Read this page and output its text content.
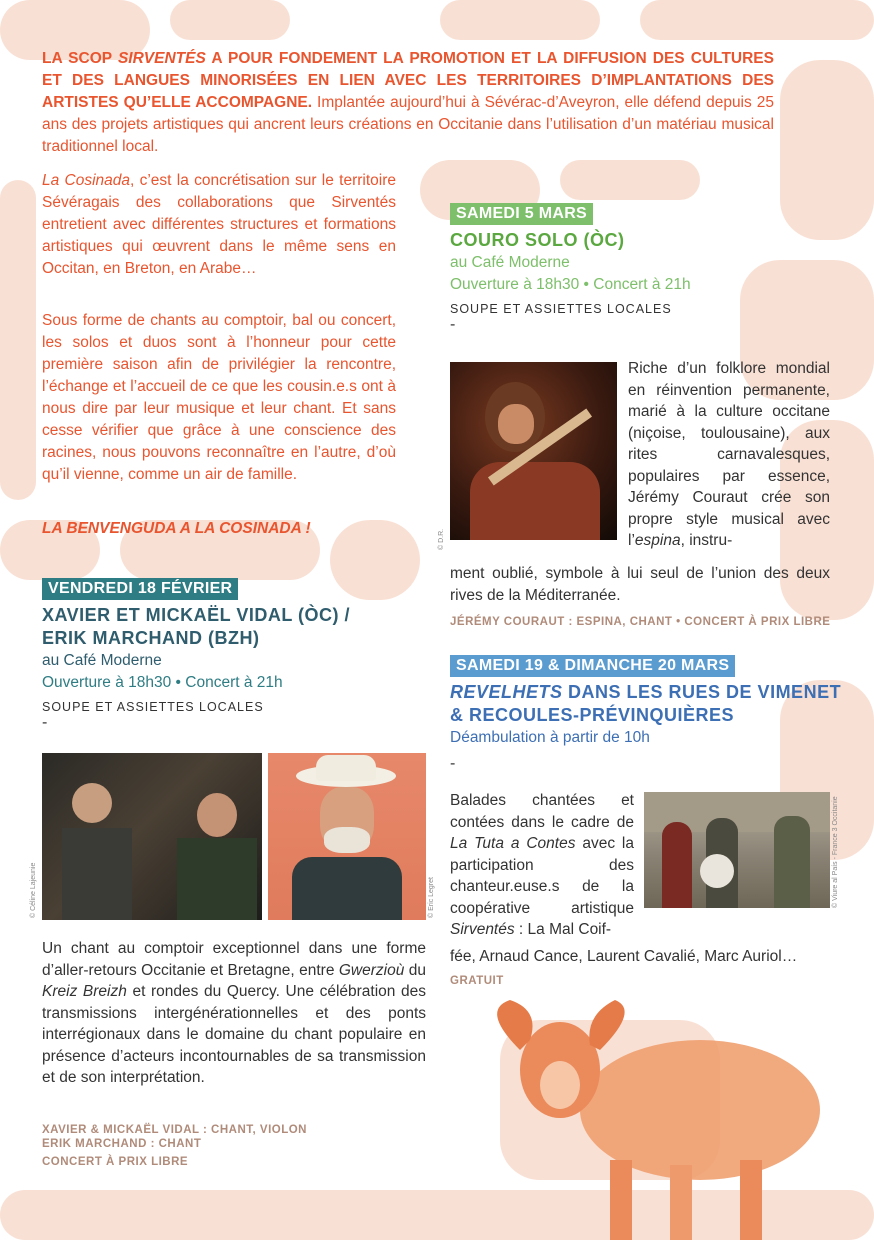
LA SCOP SIRVENTÉS A POUR FONDEMENT LA PROMOTION ET LA DIFFUSION DES CULTURES ET DES LANGUES MINORISÉES EN LIEN AVEC LES TERRITOIRES D’IMPLANTATIONS DES ARTISTES QU’ELLE ACCOMPAGNE. Implantée aujourd’hui à Sévérac-d’Aveyron, elle défend depuis 25 ans des projets artistiques qui ancrent leurs créations en Occitanie dans l’utilisation d’un matériau musical traditionnel local.

La Cosinada, c’est la concrétisation sur le territoire Sévéragais des collaborations que Sirventés entretient avec différentes structures et formations artistiques qui œuvrent dans le même sens en Occitan, en Breton, en Arabe…

Sous forme de chants au comptoir, bal ou concert, les solos et duos sont à l’honneur pour cette première saison afin de privilégier la rencontre, l’échange et l’accueil de ce que les cousin.e.s ont à nous dire par leur musique et leur chant. Et sans cesse vérifier que grâce à une conscience des racines, nous pouvons reconnaître en l’autre, d’où qu’il vienne, comme un air de famille.

LA BENVENGUDA A LA COSINADA !

VENDREDI 18 FÉVRIER

XAVIER ET MICKAËL VIDAL (ÒC) /

ERIK MARCHAND (BZH)

au Café Moderne

Ouverture à 18h30 • Concert à 21h

SOUPE ET ASSIETTES LOCALES

-

© Céline Lajeunie	© Eric Legret

Un chant au comptoir exceptionnel dans une forme d’aller-retours Occitanie et Bretagne, entre Gwerzioù du Kreiz Breizh et rondes du Quercy. Une célébration des transmissions intergénérationnelles et des ponts interrégionaux dans le domaine du chant populaire en présence d’acteurs incontournables de sa transmission et de son interprétation.

XAVIER & MICKAËL VIDAL : CHANT, VIOLON

ERIK MARCHAND : CHANT

CONCERT À PRIX LIBRE

SAMEDI 5 MARS

COURO SOLO (ÒC)

au Café Moderne

Ouverture à 18h30 • Concert à 21h

SOUPE ET ASSIETTES LOCALES

-

© D.R.

Riche d’un folklore mondial en réinvention permanente, marié à la culture occitane (niçoise, toulousaine), aux rites carnavalesques, populaires par essence, Jérémy Couraut crée son propre style musical avec l’espina, instru-

ment oublié, symbole à lui seul de l’union des deux rives de la Méditerranée.

JÉRÉMY COURAUT : ESPINA, CHANT • CONCERT À PRIX LIBRE

SAMEDI 19 & DIMANCHE 20 MARS

REVELHETS DANS LES RUES DE VIMENET

& RECOULES-PRÉVINQUIÈRES

Déambulation à partir de 10h

-

Balades chantées et contées dans le cadre de La Tuta a Contes avec la participation des chanteur.euse.s de la coopérative artistique Sirventés : La Mal Coif-

© Viure al País - France 3 Occitanie

fée, Arnaud Cance, Laurent Cavalié, Marc Auriol…

GRATUIT
